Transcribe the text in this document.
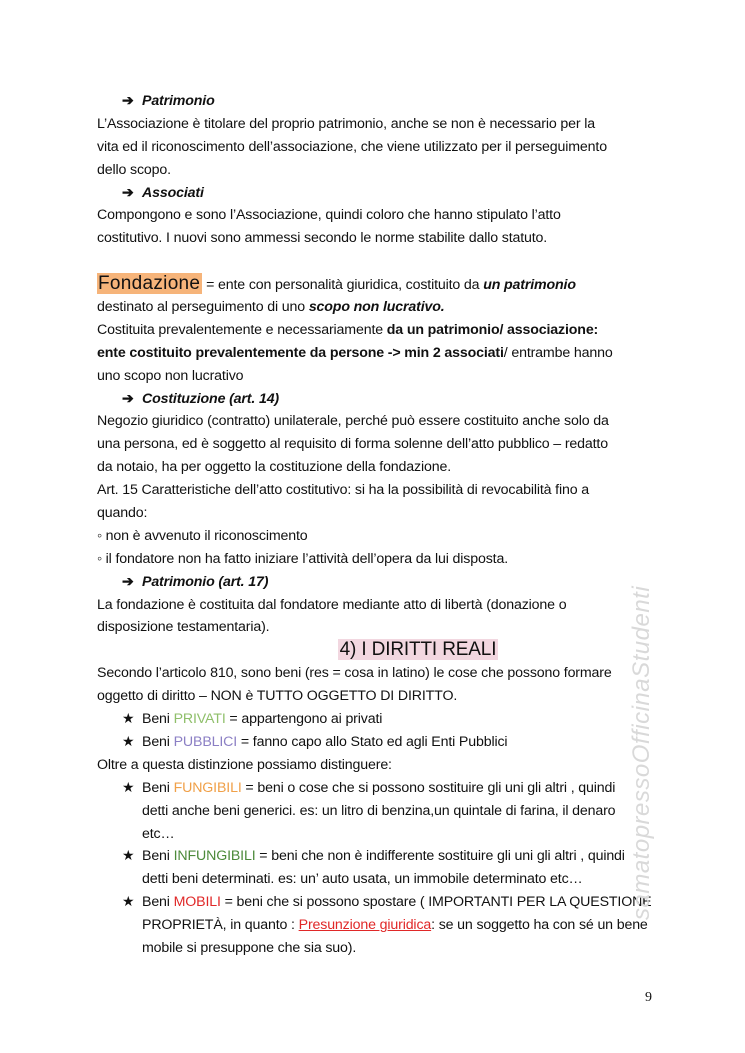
➔ Patrimonio
L’Associazione è titolare del proprio patrimonio, anche se non è necessario per la
vita ed il riconoscimento dell’associazione, che viene utilizzato per il perseguimento
dello scopo.
➔ Associati
Compongono e sono l’Associazione, quindi coloro che hanno stipulato l’atto
costitutivo. I nuovi sono ammessi secondo le norme stabilite dallo statuto.
Fondazione = ente con personalità giuridica, costituito da un patrimonio
destinato al perseguimento di uno scopo non lucrativo.
Costituita prevalentemente e necessariamente da un patrimonio/ associazione:
ente costituito prevalentemente da persone -> min 2 associati/ entrambe hanno
uno scopo non lucrativo
➔ Costituzione (art. 14)
Negozio giuridico (contratto) unilaterale, perché può essere costituito anche solo da
una persona, ed è soggetto al requisito di forma solenne dell’atto pubblico – redatto
da notaio, ha per oggetto la costituzione della fondazione.
Art. 15 Caratteristiche dell’atto costitutivo: si ha la possibilità di revocabilità fino a
quando:
◦ non è avvenuto il riconoscimento
◦ il fondatore non ha fatto iniziare l’attività dell’opera da lui disposta.
➔ Patrimonio (art. 17)
La fondazione è costituita dal fondatore mediante atto di libertà (donazione o
disposizione testamentaria).
4) I DIRITTI REALI
Secondo l’articolo 810, sono beni (res = cosa in latino) le cose che possono formare
oggetto di diritto – NON è TUTTO OGGETTO DI DIRITTO.
★ Beni PRIVATI = appartengono ai privati
★ Beni PUBBLICI = fanno capo allo Stato ed agli Enti Pubblici
Oltre a questa distinzione possiamo distinguere:
★ Beni FUNGIBILI = beni o cose che si possono sostituire gli uni gli altri , quindi
detti anche beni generici. es: un litro di benzina,un quintale di farina, il denaro
etc…
★ Beni INFUNGIBILI = beni che non è indifferente sostituire gli uni gli altri , quindi
detti beni determinati. es: un’ auto usata, un immobile determinato etc…
★ Beni MOBILI = beni che si possono spostare ( IMPORTANTI PER LA QUESTIONE
PROPRIETÀ, in quanto : Presunzione giuridica: se un soggetto ha con sé un bene
mobile si presuppone che sia suo).
samatopressoOfficinaStudenti
9
